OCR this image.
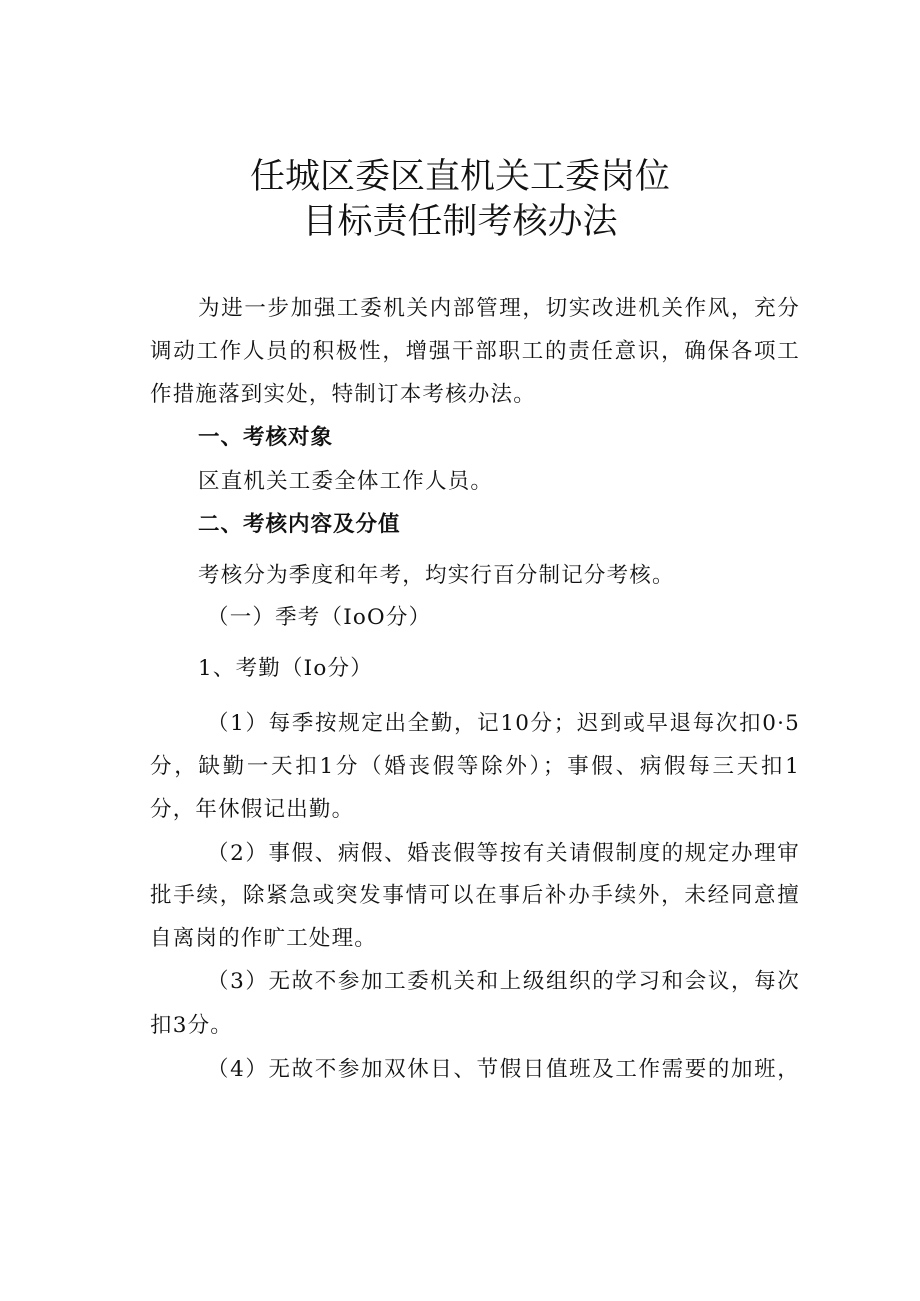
任城区委区直机关工委岗位
目标责任制考核办法
为进一步加强工委机关内部管理，切实改进机关作风，充分
调动工作人员的积极性，增强干部职工的责任意识，确保各项工
作措施落到实处，特制订本考核办法。
一、考核对象
区直机关工委全体工作人员。
二、考核内容及分值
考核分为季度和年考，均实行百分制记分考核。
（一）季考（IoO分）
1、考勤（Io分）
（1）每季按规定出全勤，记10分；迟到或早退每次扣0·5
分，缺勤一天扣1分（婚丧假等除外）；事假、病假每三天扣1
分，年休假记出勤。
（2）事假、病假、婚丧假等按有关请假制度的规定办理审
批手续，除紧急或突发事情可以在事后补办手续外，未经同意擅
自离岗的作旷工处理。
（3）无故不参加工委机关和上级组织的学习和会议，每次
扣3分。
（4）无故不参加双休日、节假日值班及工作需要的加班，
